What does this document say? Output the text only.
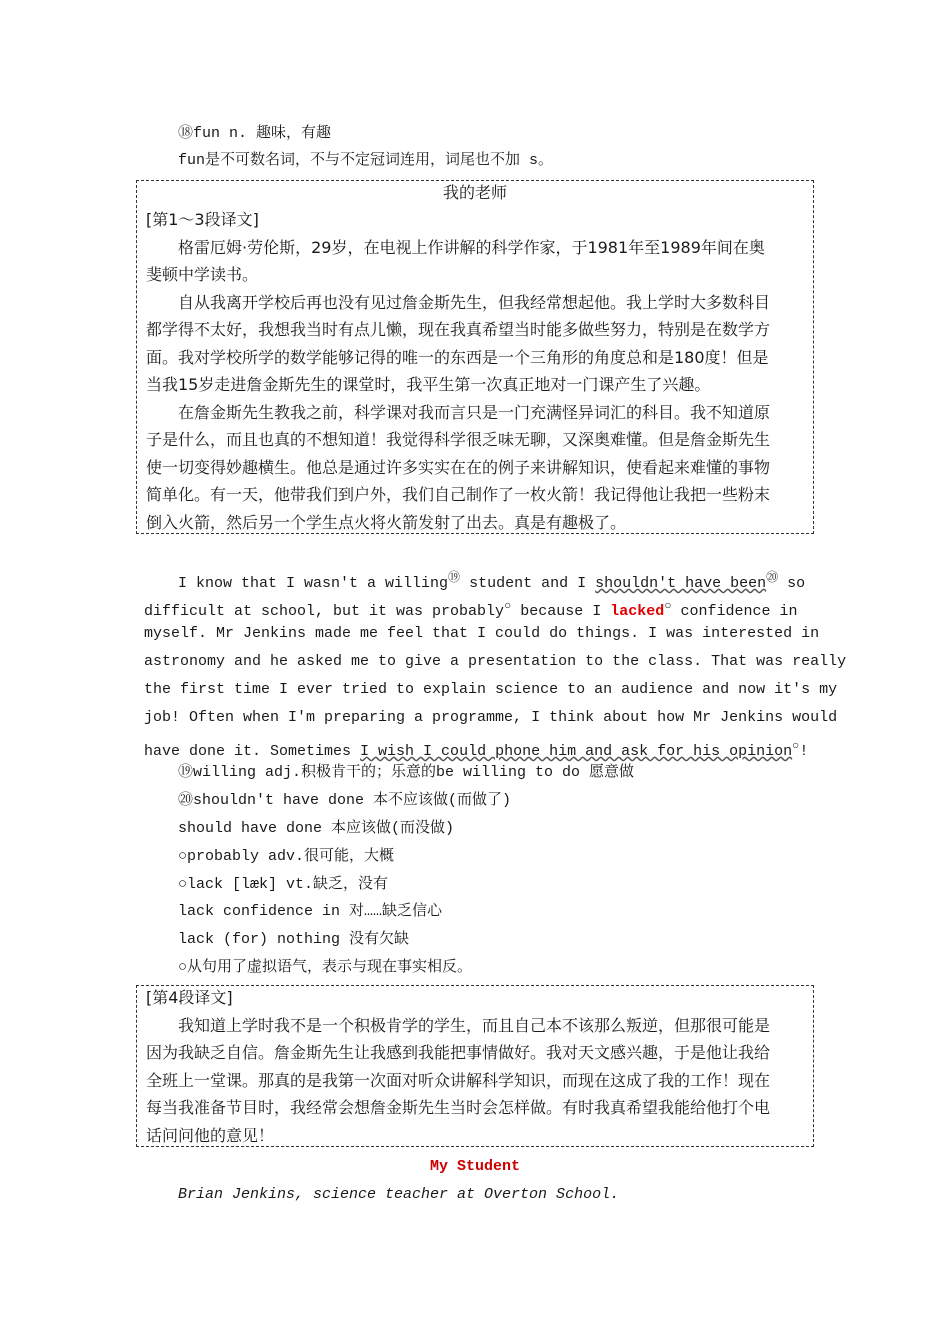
⑱fun n. 趣味，有趣
fun是不可数名词，不与不定冠词连用，词尾也不加 s。
我的老师
[第1～3段译文]
格雷厄姆·劳伦斯，29岁，在电视上作讲解的科学作家，于1981年至1989年间在奥
斐顿中学读书。
自从我离开学校后再也没有见过詹金斯先生，但我经常想起他。我上学时大多数科目
都学得不太好，我想我当时有点儿懒，现在我真希望当时能多做些努力，特别是在数学方
面。我对学校所学的数学能够记得的唯一的东西是一个三角形的角度总和是180度！但是
当我15岁走进詹金斯先生的课堂时，我平生第一次真正地对一门课产生了兴趣。
在詹金斯先生教我之前，科学课对我而言只是一门充满怪异词汇的科目。我不知道原
子是什么，而且也真的不想知道！我觉得科学很乏味无聊，又深奥难懂。但是詹金斯先生
使一切变得妙趣横生。他总是通过许多实实在在的例子来讲解知识，使看起来难懂的事物
简单化。有一天，他带我们到户外，我们自己制作了一枚火箭！我记得他让我把一些粉末
倒入火箭，然后另一个学生点火将火箭发射了出去。真是有趣极了。
I know that I wasn't a willing⑲ student and I shouldn't have been⑳ so
difficult at school, but it was probably○ because I lacked○ confidence in
myself. Mr Jenkins made me feel that I could do things. I was interested in
astronomy and he asked me to give a presentation to the class. That was really
the first time I ever tried to explain science to an audience and now it's my
job! Often when I'm preparing a programme, I think about how Mr Jenkins would
have done it. Sometimes I wish I could phone him and ask for his opinion○!
⑲willing adj.积极肯干的；乐意的be willing to do 愿意做
⑳shouldn't have done 本不应该做(而做了)
should have done 本应该做(而没做)
○probably adv.很可能，大概
○lack [læk] vt.缺乏，没有
lack confidence in 对……缺乏信心
lack (for) nothing 没有欠缺
○从句用了虚拟语气，表示与现在事实相反。
[第4段译文]
我知道上学时我不是一个积极肯学的学生，而且自己本不该那么叛逆，但那很可能是
因为我缺乏自信。詹金斯先生让我感到我能把事情做好。我对天文感兴趣，于是他让我给
全班上一堂课。那真的是我第一次面对听众讲解科学知识，而现在这成了我的工作！现在
每当我准备节目时，我经常会想詹金斯先生当时会怎样做。有时我真希望我能给他打个电
话问问他的意见！
My Student
Brian Jenkins, science teacher at Overton School.
